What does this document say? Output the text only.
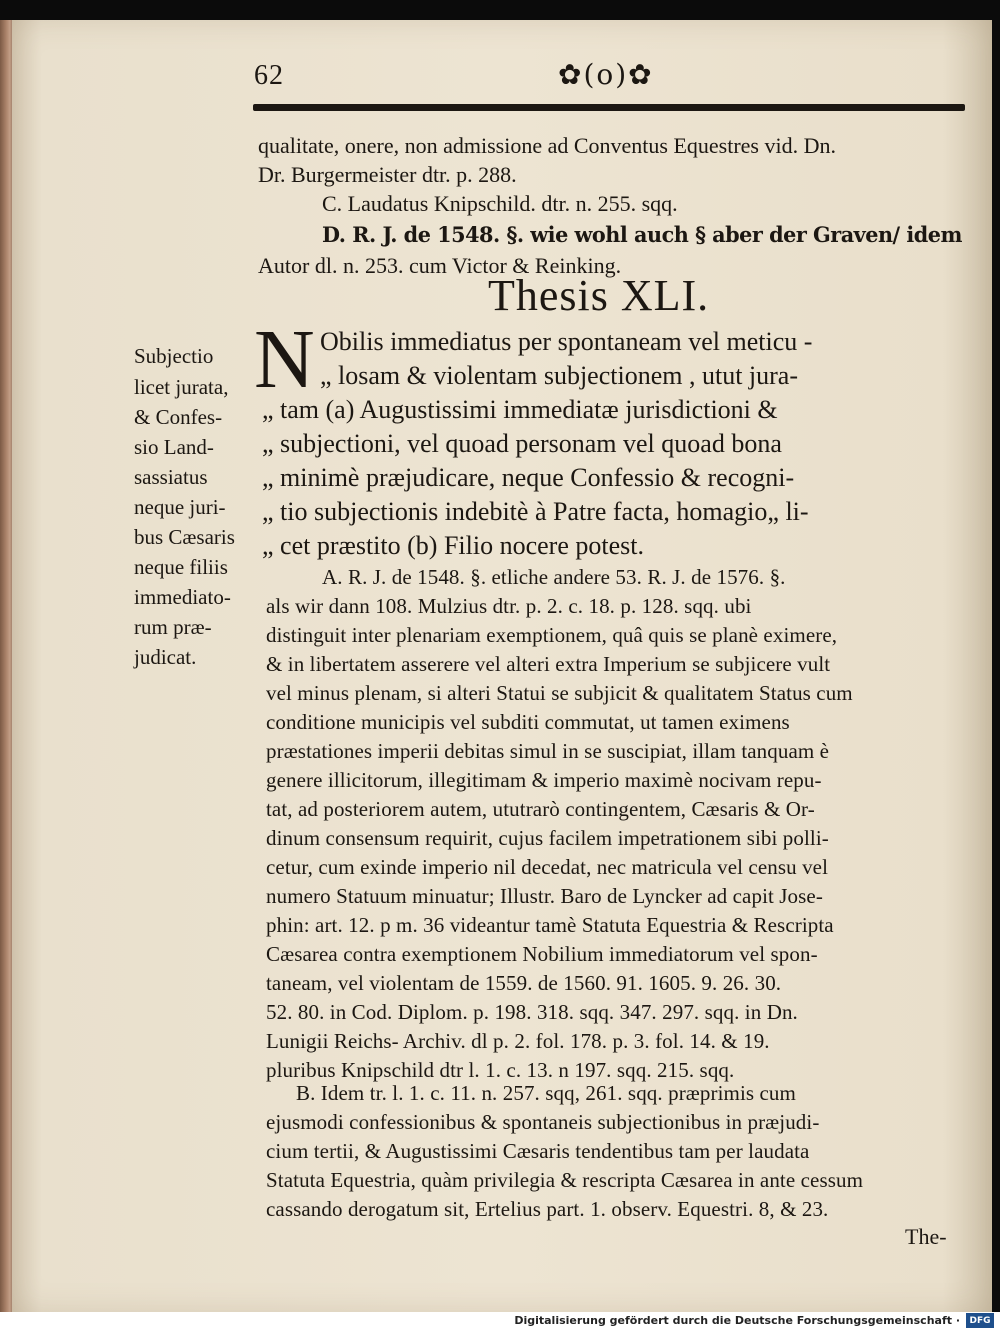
62	✿(o)✿
qualitate, onere, non admissione ad Conventus Equestres vid. Dn.
Dr. Burgermeister dtr. p. 288.
C. Laudatus Knipschild. dtr. n. 255. sqq.
D. R. J. de 1548. §. wie wohl auch § aber der Graven/ idem
Autor dl. n. 253. cum Victor & Reinking.
Thesis XLI.
N Obilis immediatus per spontaneam vel meticu -
„ losam & violentam subjectionem , utut jura-
„ tam (a) Augustissimi immediatæ jurisdictioni &
„ subjectioni, vel quoad personam vel quoad bona
„ minimè præjudicare, neque Confessio & recogni-
„ tio subjectionis indebitè à Patre facta, homagio„ li-
„ cet præstito (b) Filio nocere potest.
Subjectio
licet jurata,
& Confes-
sio Land-
sassiatus
neque juri-
bus Cæsaris
neque filiis
immediato-
rum præ-
judicat.
A. R. J. de 1548. §. etliche andere 53. R. J. de 1576. §.
als wir dann 108. Mulzius dtr. p. 2. c. 18. p. 128. sqq. ubi
distinguit inter plenariam exemptionem, quâ quis se planè eximere,
& in libertatem asserere vel alteri extra Imperium se subjicere vult
vel minus plenam, si alteri Statui se subjicit & qualitatem Status cum
conditione municipis vel subditi commutat, ut tamen eximens
præstationes imperii debitas simul in se suscipiat, illam tanquam è
genere illicitorum, illegitimam & imperio maximè nocivam repu-
tat, ad posteriorem autem, ututrarò contingentem, Cæsaris & Or-
dinum consensum requirit, cujus facilem impetrationem sibi polli-
cetur, cum exinde imperio nil decedat, nec matricula vel censu vel
numero Statuum minuatur; Illustr. Baro de Lyncker ad capit Jose-
phin: art. 12. p m. 36 videantur tamè Statuta Equestria & Rescripta
Cæsarea contra exemptionem Nobilium immediatorum vel spon-
taneam, vel violentam de 1559. de 1560. 91. 1605. 9. 26. 30.
52. 80. in Cod. Diplom. p. 198. 318. sqq. 347. 297. sqq. in Dn.
Lunigii Reichs- Archiv. dl p. 2. fol. 178. p. 3. fol. 14. & 19.
pluribus Knipschild dtr l. 1. c. 13. n 197. sqq. 215. sqq.
B. Idem tr. l. 1. c. 11. n. 257. sqq, 261. sqq. præprimis cum
ejusmodi confessionibus & spontaneis subjectionibus in præjudi-
cium tertii, & Augustissimi Cæsaris tendentibus tam per laudata
Statuta Equestria, quàm privilegia & rescripta Cæsarea in ante cessum
cassando derogatum sit, Ertelius part. 1. observ. Equestri. 8, & 23.
The-
Digitalisierung gefördert durch die Deutsche Forschungsgemeinschaft ·	DFG
